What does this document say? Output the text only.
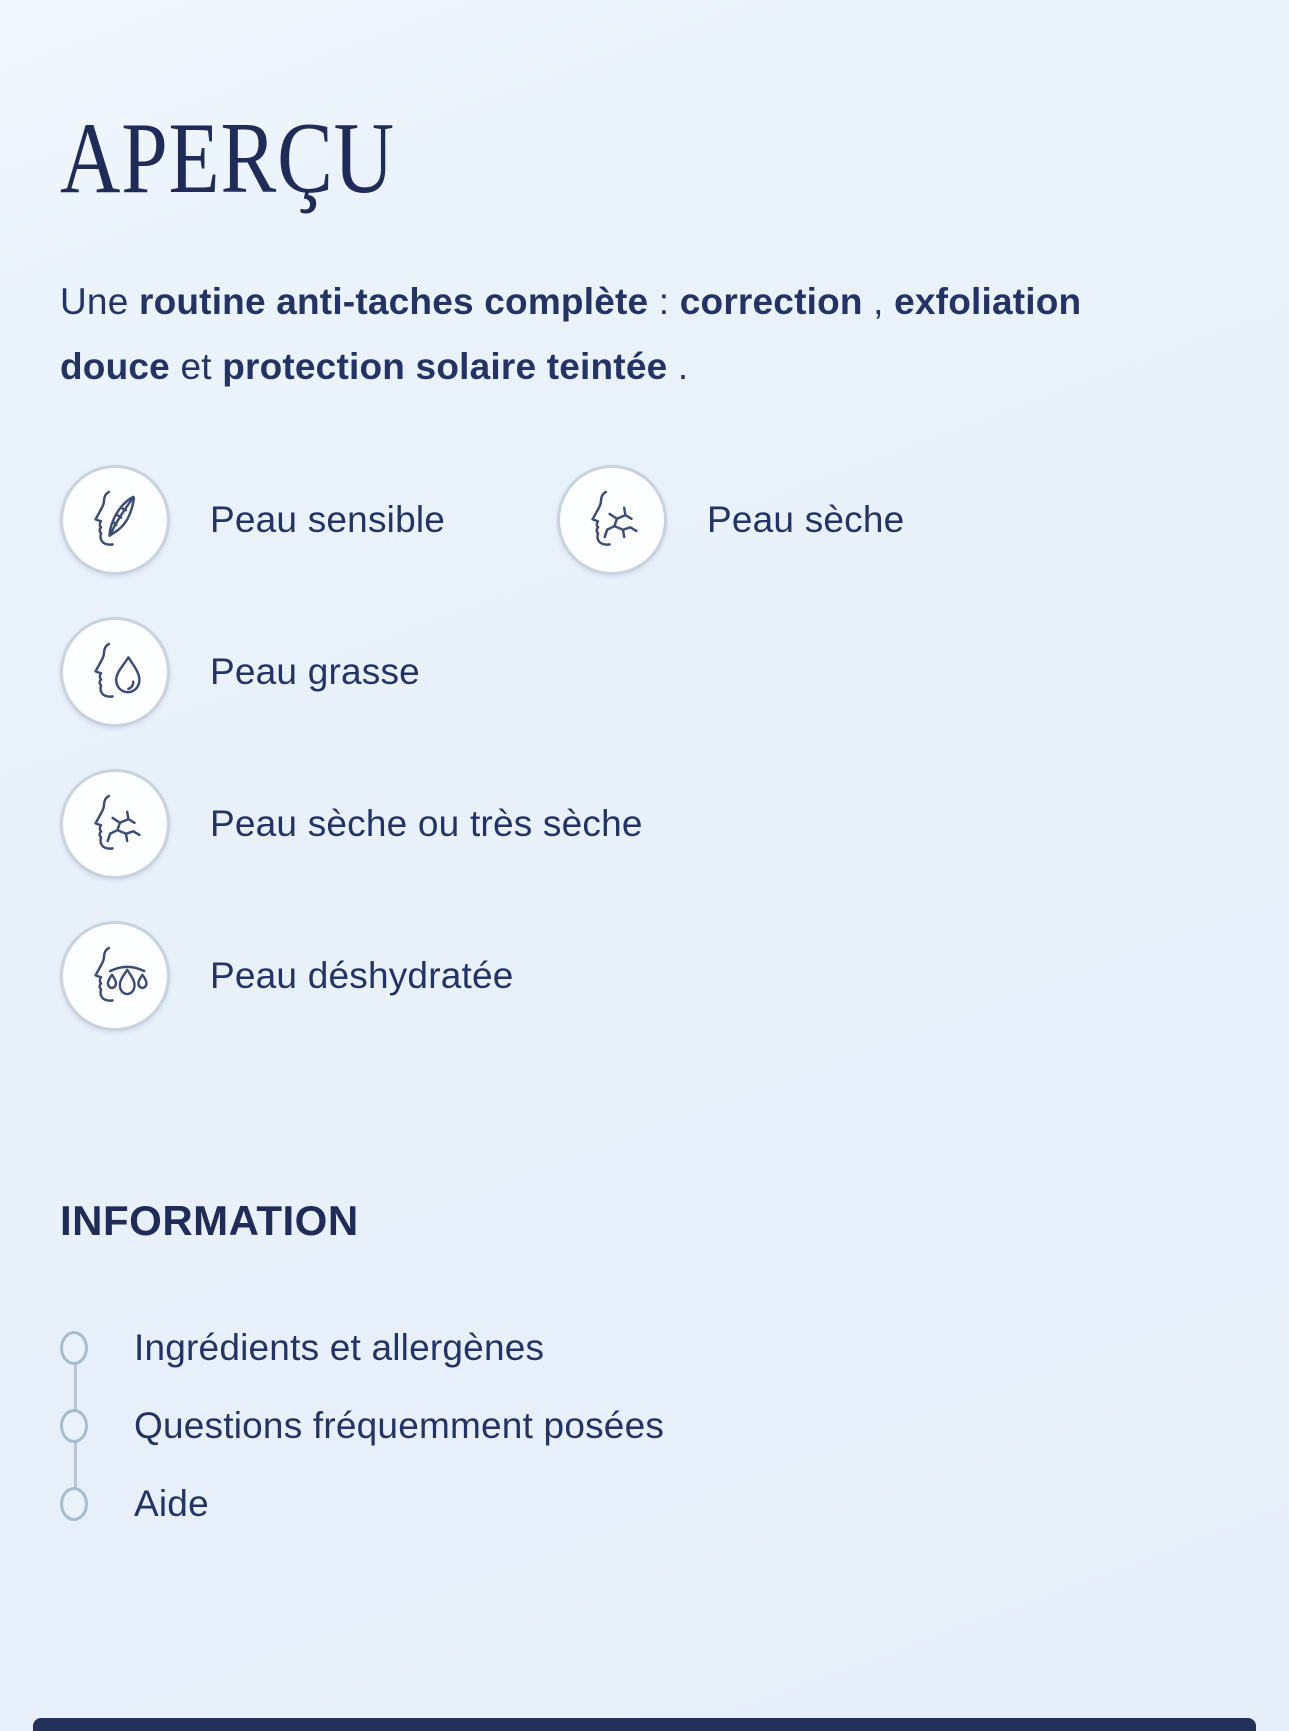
APERÇU

Une routine anti-taches complète : correction , exfoliation douce et protection solaire teintée .

Peau sensible	Peau sèche
Peau grasse
Peau sèche ou très sèche
Peau déshydratée
INFORMATION
Ingrédients et allergènes
Questions fréquemment posées
Aide
